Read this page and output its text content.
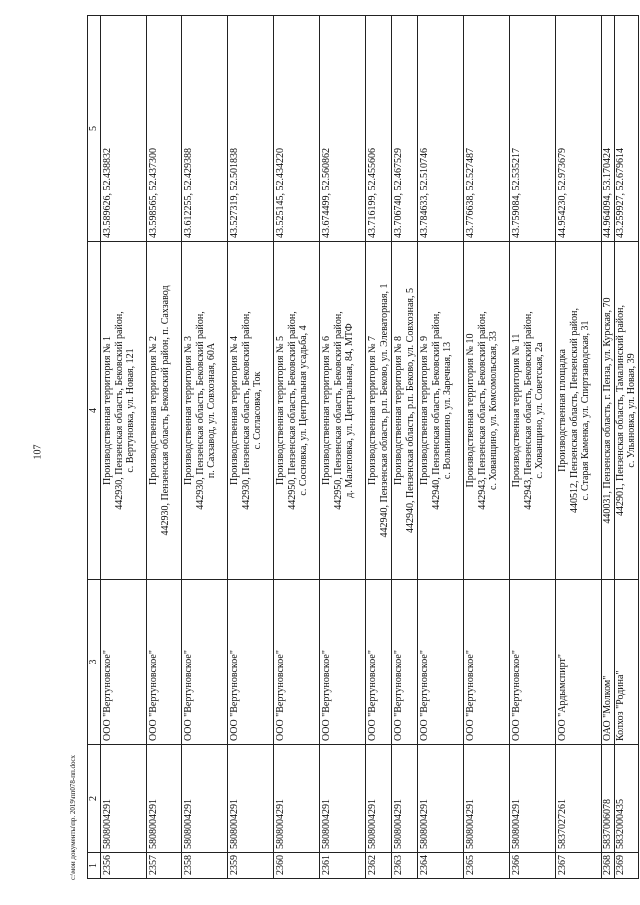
107
c:\мои документы\пр. 2019\пп078-пп.docx 1	2	3	4	5
2356	5808004291	ООО "Вертуновское"	Производственная территория № 1 442930, Пензенская область, Бековский район, с. Вертуновка, ул. Новая, 121	43.589626, 52.438832
2357	5808004291	ООО "Вертуновское"	Производственная территория № 2 442930, Пензенская область, Бековский район, п. Сахзавод	43.598565, 52.437300
2358	5808004291	ООО "Вертуновское"	Производственная территория № 3 442930, Пензенская область, Бековский район, п. Сахзавод, ул. Совхозная, 60А	43.612255, 52.429388
2359	5808004291	ООО "Вертуновское"	Производственная территория № 4 442930, Пензенская область, Бековский район, с. Согласовка, Ток	43.527319, 52.501838
2360	5808004291	ООО "Вертуновское"	Производственная территория № 5 442950, Пензенская область, Бековский район, с. Сосновка, ул. Центральная усадьба, 4	43.525145, 52.434220
2361	5808004291	ООО "Вертуновское"	Производственная территория № 6 442950, Пензенская область, Бековский район, д. Малеповка, ул. Центральная, 84, МТФ	43.674499, 52.560862
2362	5808004291	ООО "Вертуновское"	Производственная территория № 7 442940, Пензенская область, р.п. Беково, ул. Элеваторная, 1	43.716199, 52.455606
2363	5808004291	ООО "Вертуновское"	Производственная территория № 8 442940, Пензенская область, р.п. Беково, ул. Совхозная, 5	43.706740, 52.467529
2364	5808004291	ООО "Вертуновское"	Производственная территория № 9 442940, Пензенская область, Бековский район, с. Вольнишино, ул. Заречная, 13	43.784633, 52.510746
2365	5808004291	ООО "Вертуновское"	Производственная территория № 10 442943, Пензенская область, Бековский район, с. Хованщино, ул. Комсомольская, 33	43.776638, 52.527487
2366	5808004291	ООО "Вертуновское"	Производственная территория № 11 442943, Пензенская область, Бековский район, с. Хованщино, ул. Советская, 2а	43.759084, 52.535217
2367	5837027261	ООО "Ардымспирт"	Производственная площадка 440512, Пензенская область, Пензенский район, с. Старая Каменка, ул. Спиртзаводская, 31	44.954230, 52.973679
2368	5837006078	ОАО "Молком"	440031, Пензенская область, г. Пенза, ул. Курская, 70	44.964094, 53.170424
2369	5832000435	Колхоз "Родина"	442901, Пензенская область, Тамалинский район, с. Ульяновка, ул. Новая, 39	43.259927, 52.679614
